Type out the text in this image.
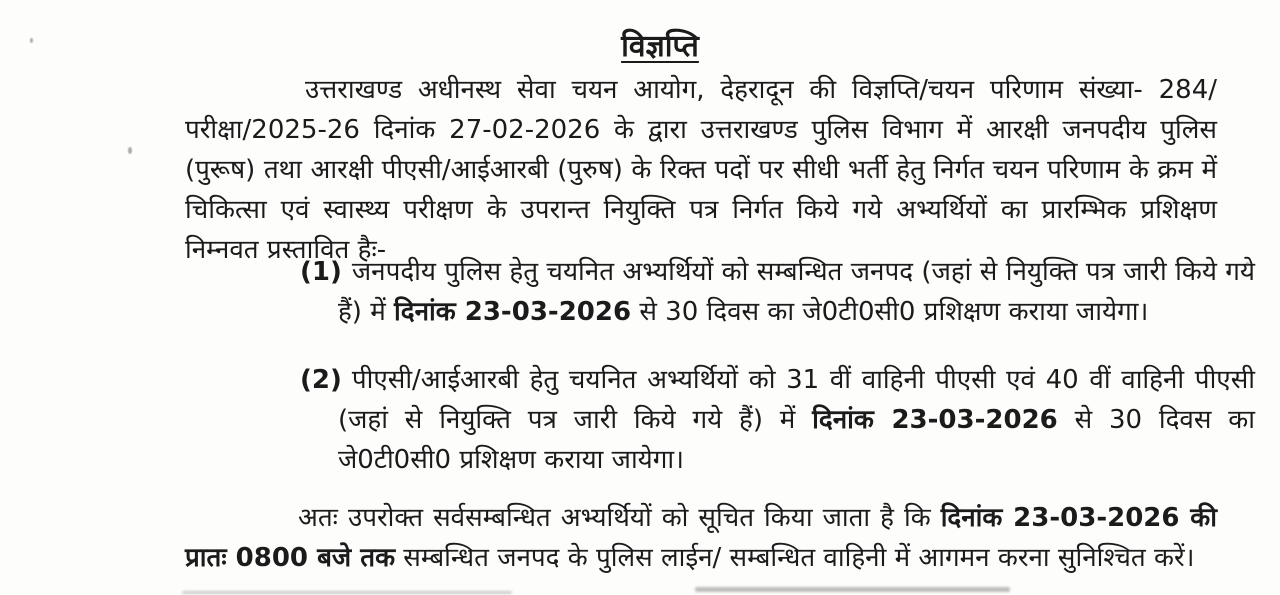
विज्ञप्ति

उत्तराखण्ड अधीनस्थ सेवा चयन आयोग, देहरादून की विज्ञप्ति/चयन परिणाम संख्या- 284/परीक्षा/2025-26 दिनांक 27-02-2026 के द्वारा उत्तराखण्ड पुलिस विभाग में आरक्षी जनपदीय पुलिस (पुरूष) तथा आरक्षी पीएसी/आईआरबी (पुरुष) के रिक्त पदों पर सीधी भर्ती हेतु निर्गत चयन परिणाम के क्रम में चिकित्सा एवं स्वास्थ्य परीक्षण के उपरान्त नियुक्ति पत्र निर्गत किये गये अभ्यर्थियों का प्रारम्भिक प्रशिक्षण निम्नवत प्रस्तावित हैः-

(1) जनपदीय पुलिस हेतु चयनित अभ्यर्थियों को सम्बन्धित जनपद (जहां से नियुक्ति पत्र जारी किये गये हैं) में दिनांक 23-03-2026 से 30 दिवस का जे0टी0सी0 प्रशिक्षण कराया जायेगा।
(2) पीएसी/आईआरबी हेतु चयनित अभ्यर्थियों को 31 वीं वाहिनी पीएसी एवं 40 वीं वाहिनी पीएसी (जहां से नियुक्ति पत्र जारी किये गये हैं) में दिनांक 23-03-2026 से 30 दिवस का जे0टी0सी0 प्रशिक्षण कराया जायेगा।

अतः उपरोक्त सर्वसम्बन्धित अभ्यर्थियों को सूचित किया जाता है कि दिनांक 23-03-2026 की प्रातः 0800 बजे तक सम्बन्धित जनपद के पुलिस लाईन/ सम्बन्धित वाहिनी में आगमन करना सुनिश्चित करें।
